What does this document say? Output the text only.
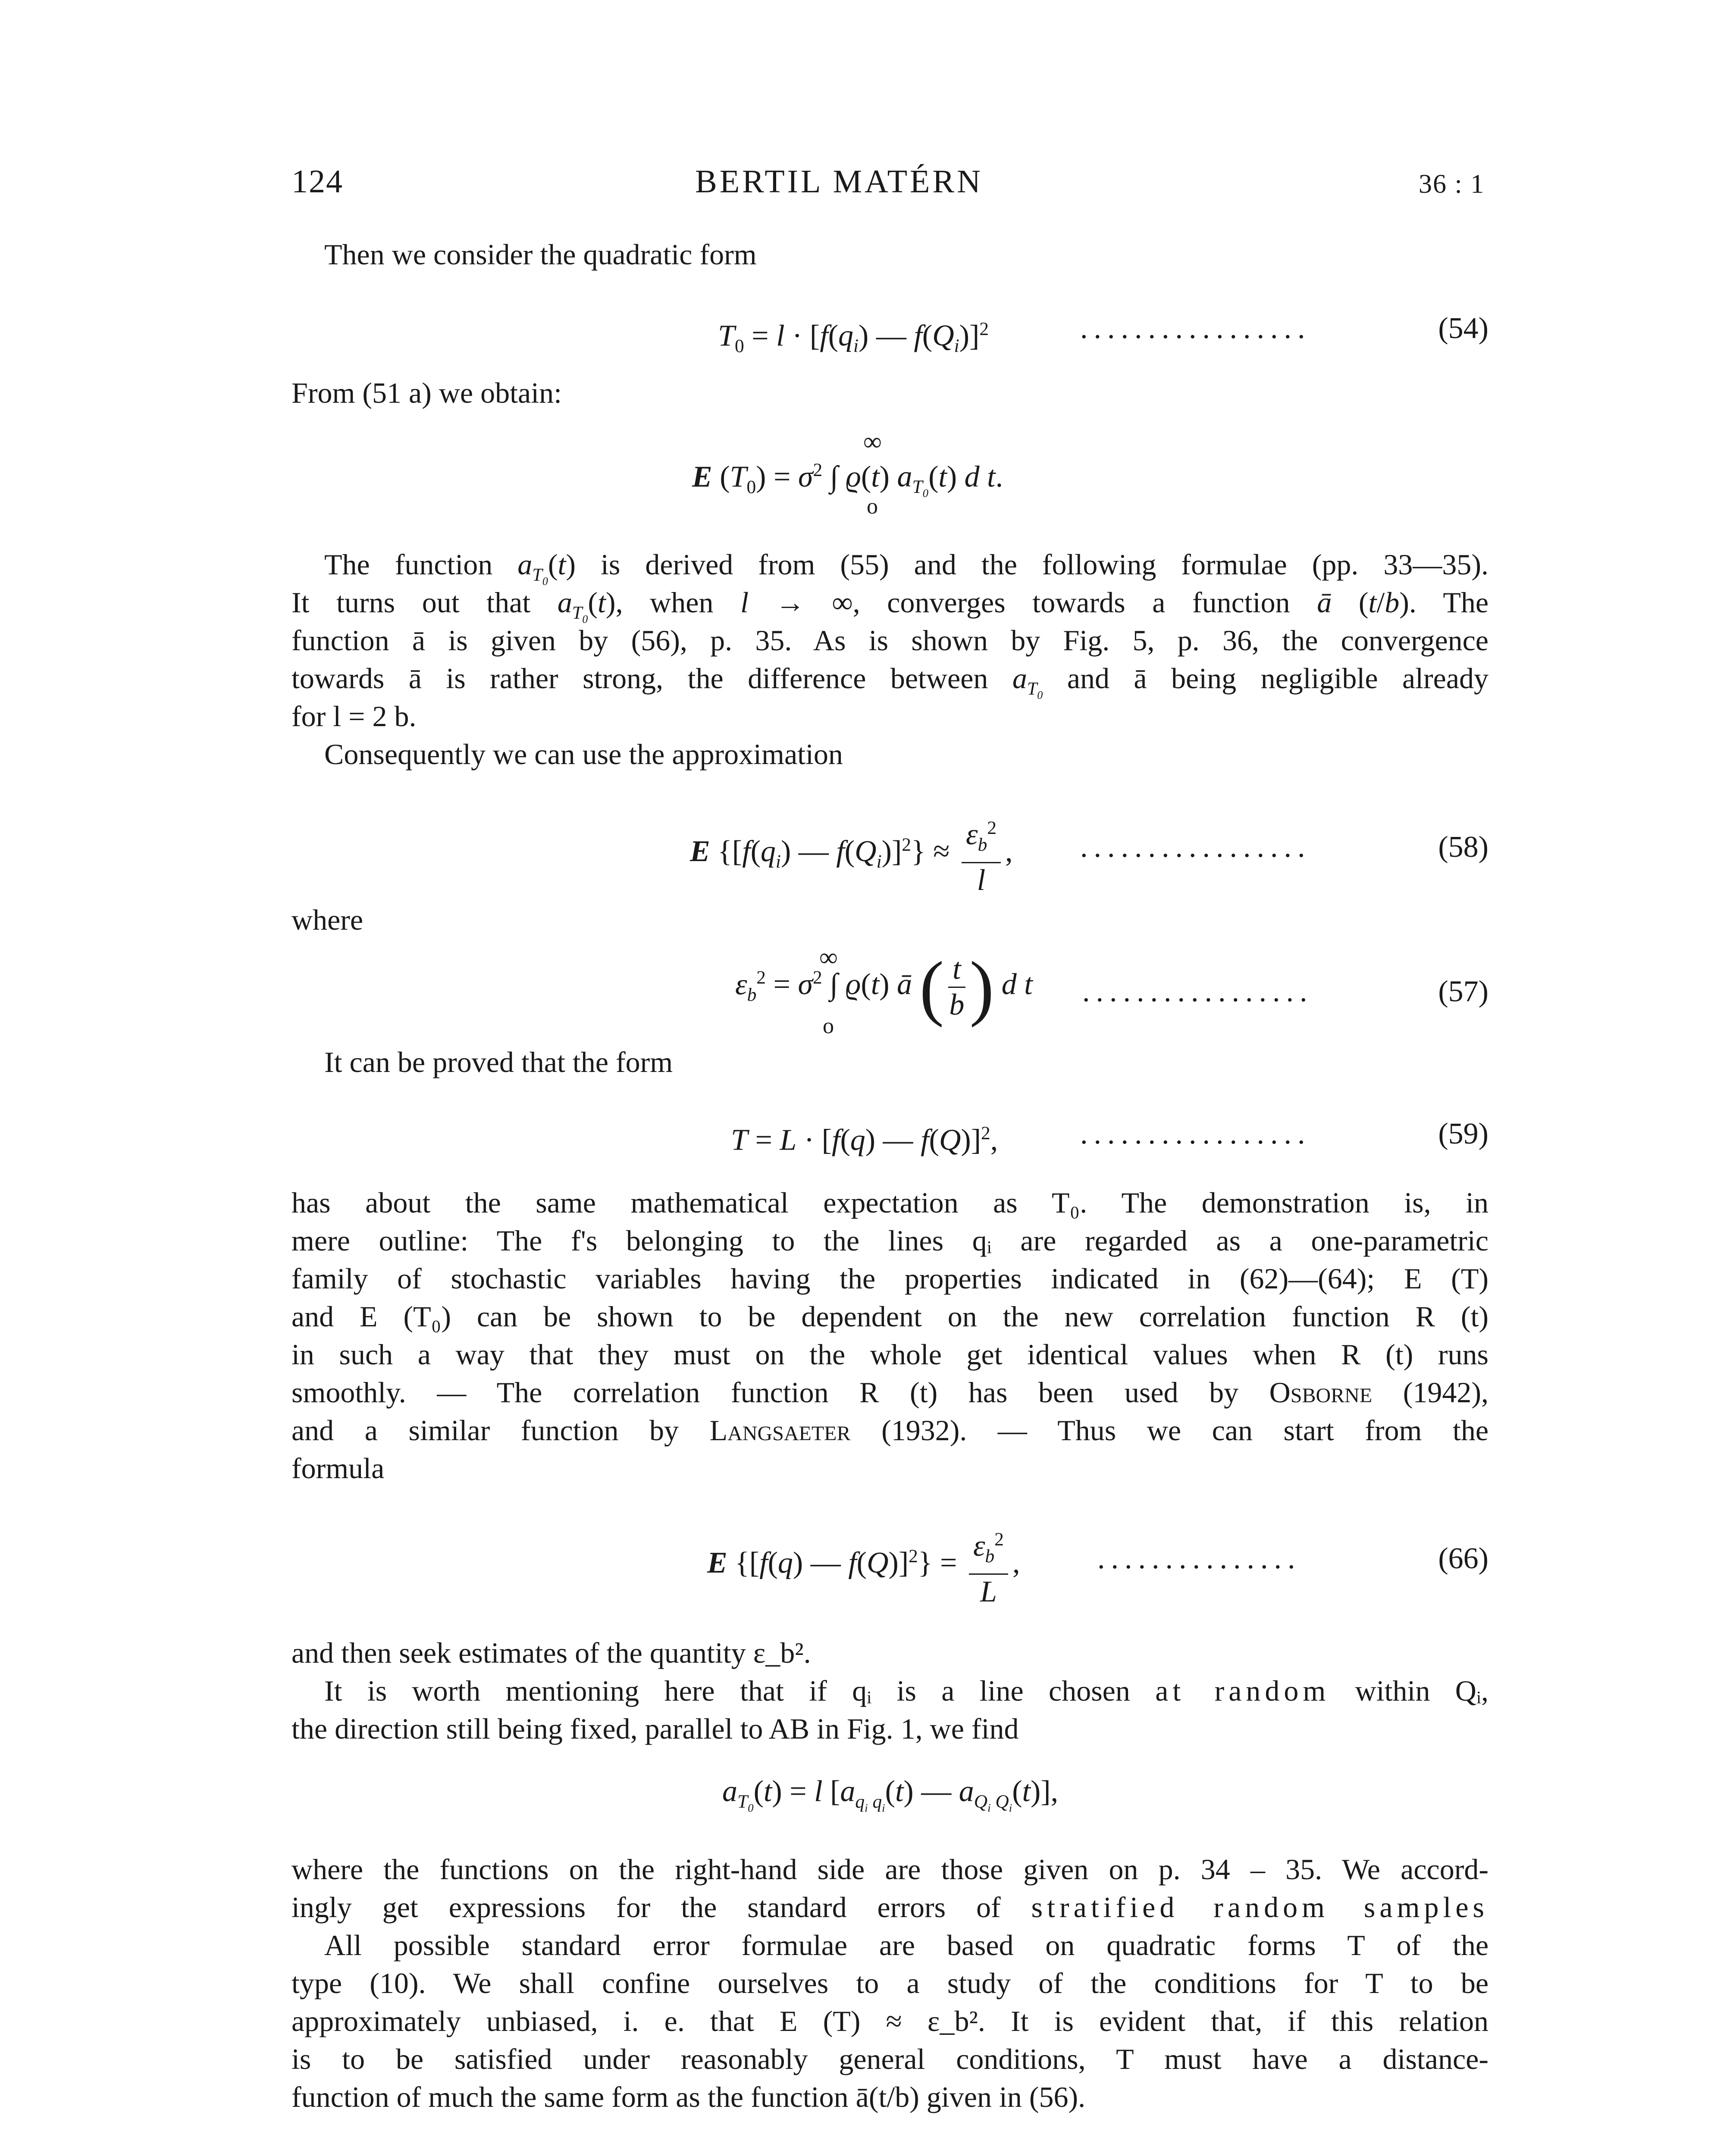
124	BERTIL MATÉRN	36 : 1
Then we consider the quadratic form
$T_0 = l \cdot [f(q_i)$ — $f(Q_i)]^2$	.................	(54)
From (51 a) we obtain:
∞
E $(T_0) = \sigma^2$ ∫ ϱ(t) $a_{T_0}(t)$ d t.
o
The function $a_{T_0}(t)$ is derived from (55) and the following formulae (pp. 33—35).
It turns out that $a_{T_0}(t)$, when l → ∞, converges towards a function ā (t/b). The
function ā is given by (56), p. 35. As is shown by Fig. 5, p. 36, the convergence
towards ā is rather strong, the difference between $a_{T_0}$ and ā being negligible already
for l = 2 b.
Consequently we can use the approximation
E {[$f(q_i)$ — $f(Q_i)]^2\} \approx \frac{\varepsilon_b^2}{l}$ , .................	(58)
where
∞
$\varepsilon_b^2 = \sigma^2$ ∫ ϱ(t) ā ( $\frac{t}{b}$ ) d t
o
.................	(57)
It can be proved that the form
T = L · [f(q) — f(Q)]$^2$,	.................	(59)
has about the same mathematical expectation as T₀. The demonstration is, in
mere outline: The f's belonging to the lines qᵢ are regarded as a one-parametric
family of stochastic variables having the properties indicated in (62)—(64); E (T)
and E (T₀) can be shown to be dependent on the new correlation function R (t)
in such a way that they must on the whole get identical values when R (t) runs
smoothly. — The correlation function R (t) has been used by Osborne (1942),
and a similar function by Langsaeter (1932). — Thus we can start from the
formula
E {[f(q) — $f(Q)]^2\} = \frac{\varepsilon_b^2}{L}$ ,	...............	(66)
and then seek estimates of the quantity ε_b².
It is worth mentioning here that if qᵢ is a line chosen at random within Qᵢ,
the direction still being fixed, parallel to AB in Fig. 1, we find
$a_{T_0}(t) = l$ [$a_{q_i q_i}(t)$ — $a_{Q_i Q_i}(t)$],
where the functions on the right-hand side are those given on p. 34 – 35. We accord-
ingly get expressions for the standard errors of stratified random samples
All possible standard error formulae are based on quadratic forms T of the
type (10). We shall confine ourselves to a study of the conditions for T to be
approximately unbiased, i. e. that E (T) ≈ ε_b². It is evident that, if this relation
is to be satisfied under reasonably general conditions, T must have a distance-
function of much the same form as the function ā(t/b) given in (56).
